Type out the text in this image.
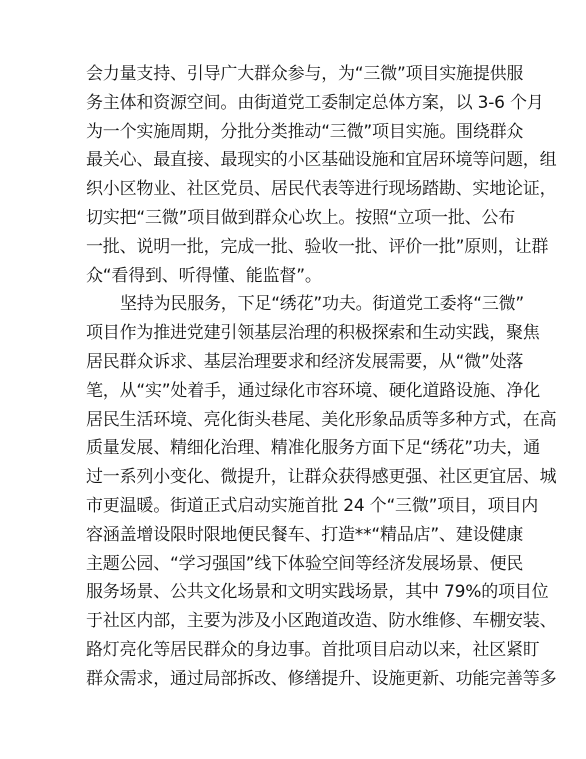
会力量支持、引导广大群众参与，为“三微”项目实施提供服
务主体和资源空间。由街道党工委制定总体方案，以 3-6 个月
为一个实施周期，分批分类推动“三微”项目实施。围绕群众
最关心、最直接、最现实的小区基础设施和宜居环境等问题，组
织小区物业、社区党员、居民代表等进行现场踏勘、实地论证，
切实把“三微”项目做到群众心坎上。按照“立项一批、公布
一批、说明一批，完成一批、验收一批、评价一批”原则，让群
众“看得到、听得懂、能监督”。
坚持为民服务，下足“绣花”功夫。街道党工委将“三微”
项目作为推进党建引领基层治理的积极探索和生动实践，聚焦
居民群众诉求、基层治理要求和经济发展需要，从“微”处落
笔，从“实”处着手，通过绿化市容环境、硬化道路设施、净化
居民生活环境、亮化街头巷尾、美化形象品质等多种方式，在高
质量发展、精细化治理、精准化服务方面下足“绣花”功夫，通
过一系列小变化、微提升，让群众获得感更强、社区更宜居、城
市更温暖。街道正式启动实施首批 24 个“三微”项目，项目内
容涵盖增设限时限地便民餐车、打造**“精品店”、建设健康
主题公园、“学习强国”线下体验空间等经济发展场景、便民
服务场景、公共文化场景和文明实践场景，其中 79%的项目位
于社区内部，主要为涉及小区跑道改造、防水维修、车棚安装、
路灯亮化等居民群众的身边事。首批项目启动以来，社区紧盯
群众需求，通过局部拆改、修缮提升、设施更新、功能完善等多
